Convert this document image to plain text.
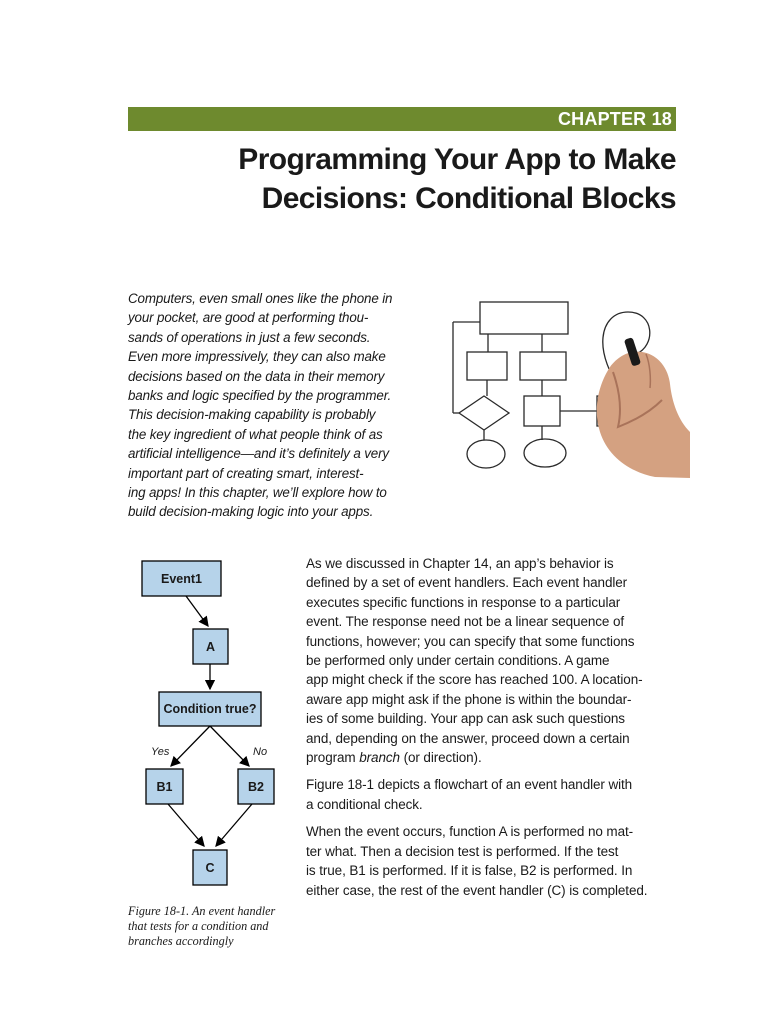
CHAPTER 18
Programming Your App to Make
Decisions: Conditional Blocks
Computers, even small ones like the phone in
your pocket, are good at performing thou-
sands of operations in just a few seconds.
Even more impressively, they can also make
decisions based on the data in their memory
banks and logic specified by the programmer.
This decision-making capability is probably
the key ingredient of what people think of as
artificial intelligence—and it’s definitely a very
important part of creating smart, interest-
ing apps! In this chapter, we’ll explore how to
build decision-making logic into your apps.
Event1
A
Condition true?
B1	B2
C
Yes	No
Figure 18-1. An event handler
that tests for a condition and
branches accordingly

As we discussed in Chapter 14, an app’s behavior is
defined by a set of event handlers. Each event handler
executes specific functions in response to a particular
event. The response need not be a linear sequence of
functions, however; you can specify that some functions
be performed only under certain conditions. A game
app might check if the score has reached 100. A location-
aware app might ask if the phone is within the boundar-
ies of some building. Your app can ask such questions
and, depending on the answer, proceed down a certain
program branch (or direction).

Figure 18-1 depicts a flowchart of an event handler with
a conditional check.

When the event occurs, function A is performed no mat-
ter what. Then a decision test is performed. If the test
is true, B1 is performed. If it is false, B2 is performed. In
either case, the rest of the event handler (C) is completed.
